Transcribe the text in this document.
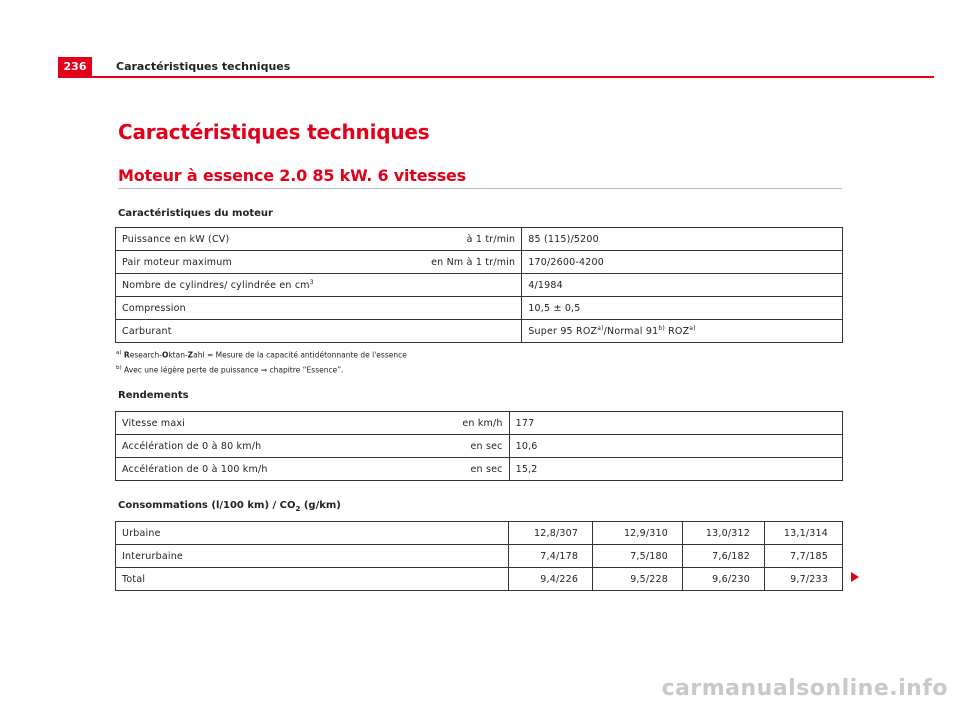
236	Caractéristiques techniques
Caractéristiques techniques
Moteur à essence 2.0 85 kW. 6 vitesses
Caractéristiques du moteur
Puissance en kW (CV)	à 1 tr/min	85 (115)/5200
Pair moteur maximum	en Nm à 1 tr/min	170/2600-4200
Nombre de cylindres/ cylindrée en $cm^3$		4/1984
Compression		10,5 ± 0,5
Carburant		Super 95 ROZ$^{a)}$/Normal 91$^{b)}$ ROZ$^{a)}$
$^{a)}$ Research-Oktan-Zahl = Mesure de la capacité antidétonnante de l'essence
$^{b)}$ Avec une légère perte de puissance ⇒ chapitre “Essence”.
Rendements
Vitesse maxi	en km/h	177
Accélération de 0 à 80 km/h	en sec	10,6
Accélération de 0 à 100 km/h	en sec	15,2
Consommations (l/100 $km) / CO_2$ (g/km)
Urbaine	12,8/307	12,9/310	13,0/312	13,1/314
Interurbaine	7,4/178	7,5/180	7,6/182	7,7/185
Total	9,4/226	9,5/228	9,6/230	9,7/233
carmanualsonline.info
